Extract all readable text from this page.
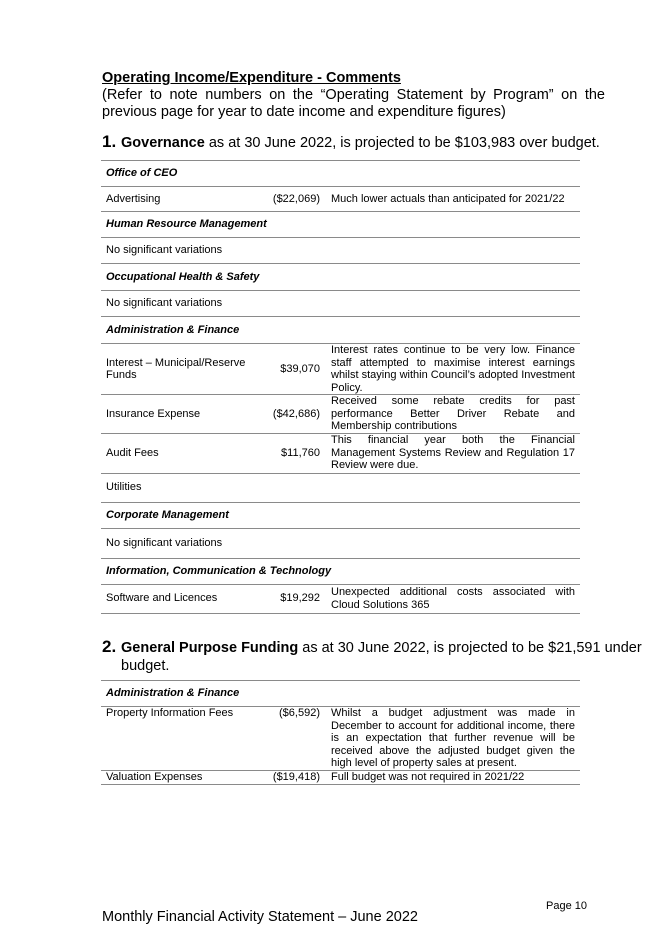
Operating Income/Expenditure - Comments

(Refer to note numbers on the “Operating Statement by Program” on the previous page for year to date income and expenditure figures)

1. Governance as at 30 June 2022, is projected to be $103,983 over budget.

Office of CEO		
Advertising	($22,069)	Much lower actuals than anticipated for 2021/22
Human Resource Management		
No significant variations		
Occupational Health & Safety		
No significant variations		
Administration & Finance		
Interest – Municipal/Reserve Funds	$39,070	Interest rates continue to be very low. Finance staff attempted to maximise interest earnings whilst staying within Council’s adopted Investment Policy.
Insurance Expense	($42,686)	Received some rebate credits for past performance Better Driver Rebate and Membership contributions
Audit Fees	$11,760	This financial year both the Financial Management Systems Review and Regulation 17 Review were due.
Utilities		
Corporate Management		
No significant variations		
Information, Communication & Technology		
Software and Licences	$19,292	Unexpected additional costs associated with Cloud Solutions 365

2. General Purpose Funding as at 30 June 2022, is projected to be $21,591 under
budget.

Administration & Finance		
Property Information Fees	($6,592)	Whilst a budget adjustment was made in December to account for additional income, there is an expectation that further revenue will be received above the adjusted budget given the high level of property sales at present.
Valuation Expenses	($19,418)	Full budget was not required in 2021/22

Page 10

Monthly Financial Activity Statement – June 2022
